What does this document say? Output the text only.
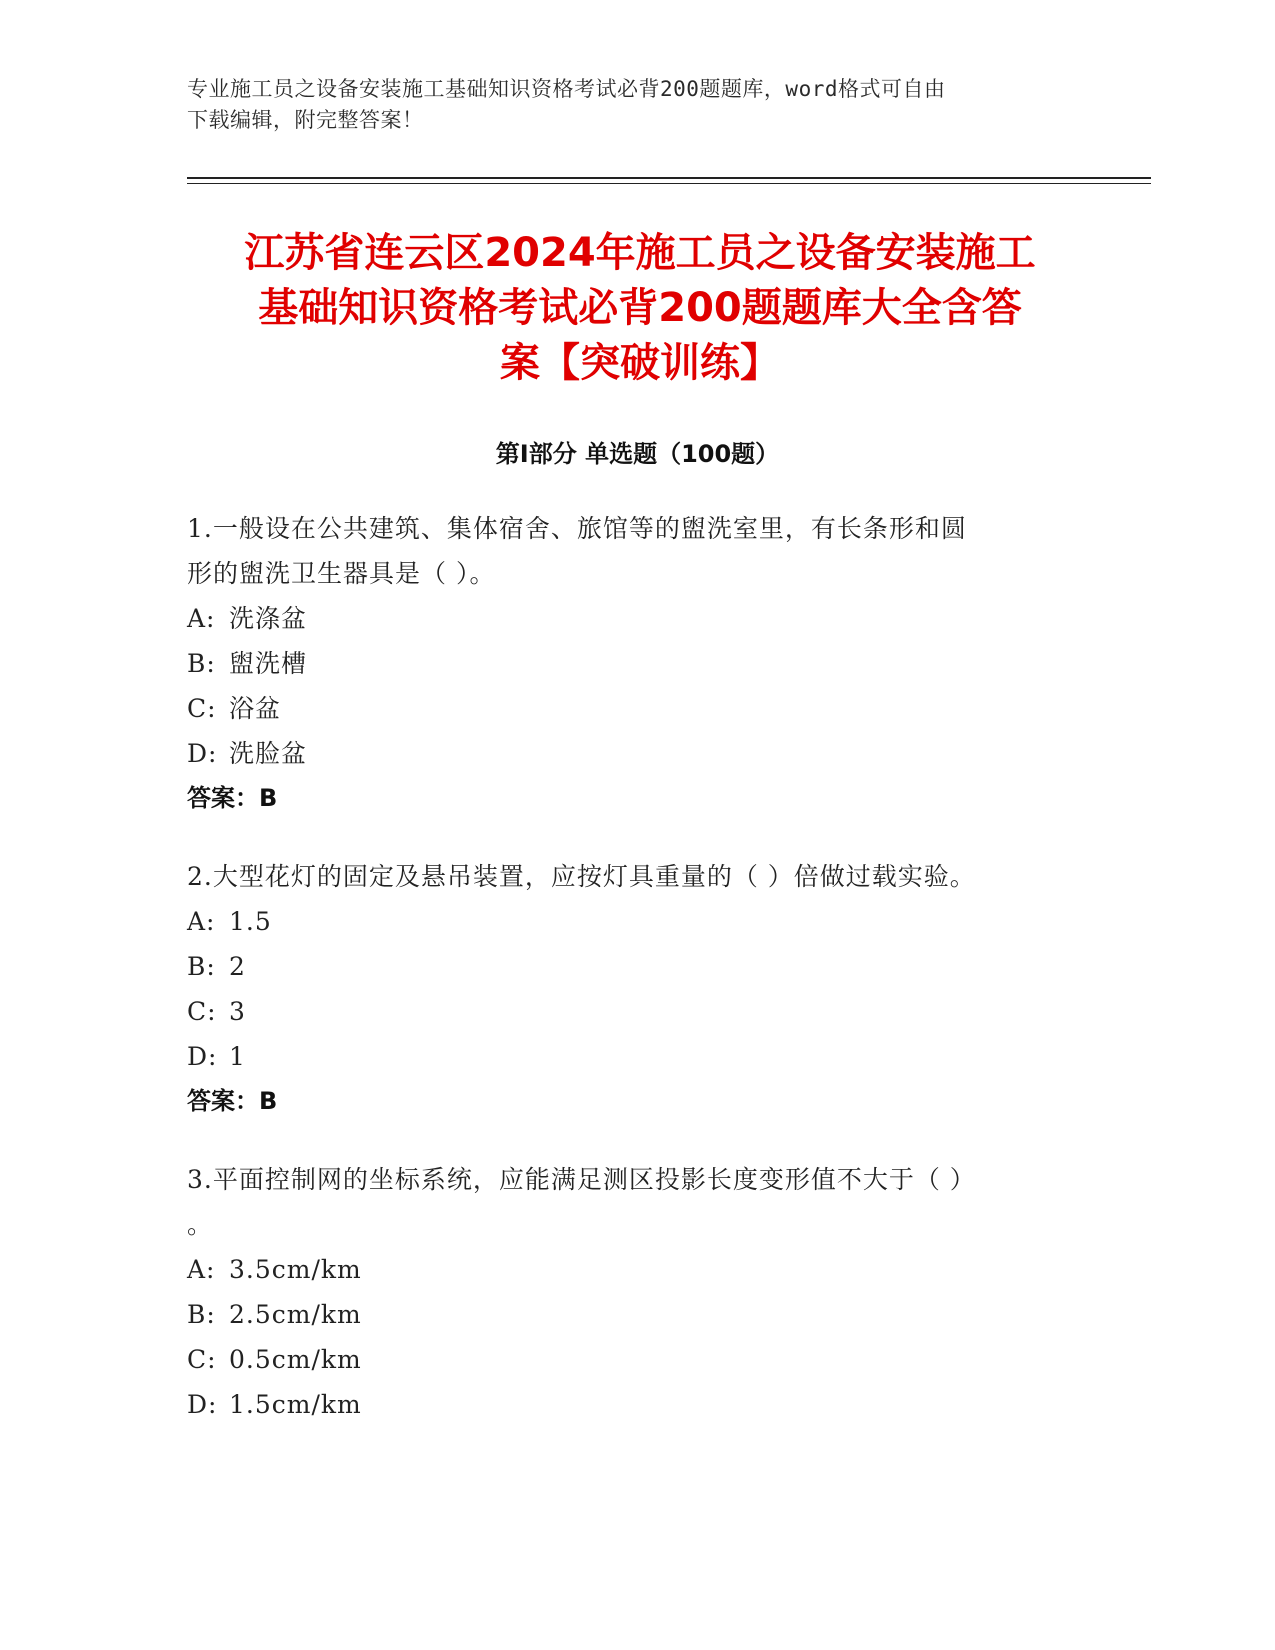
专业施工员之设备安装施工基础知识资格考试必背200题题库，word格式可自由
下载编辑，附完整答案！
江苏省连云区2024年施工员之设备安装施工
基础知识资格考试必背200题题库大全含答
案【突破训练】
第Ⅰ部分 单选题（100题）

1.一般设在公共建筑、集体宿舍、旅馆等的盥洗室里，有长条形和圆

形的盥洗卫生器具是（ ）。

A: 洗涤盆

B: 盥洗槽

C: 浴盆

D: 洗脸盆

答案：B

2.大型花灯的固定及悬吊装置，应按灯具重量的（ ）倍做过载实验。

A: 1.5

B: 2

C: 3

D: 1

答案：B

3.平面控制网的坐标系统，应能满足测区投影长度变形值不大于（ ）

。

A: 3.5cm/km

B: 2.5cm/km

C: 0.5cm/km

D: 1.5cm/km
